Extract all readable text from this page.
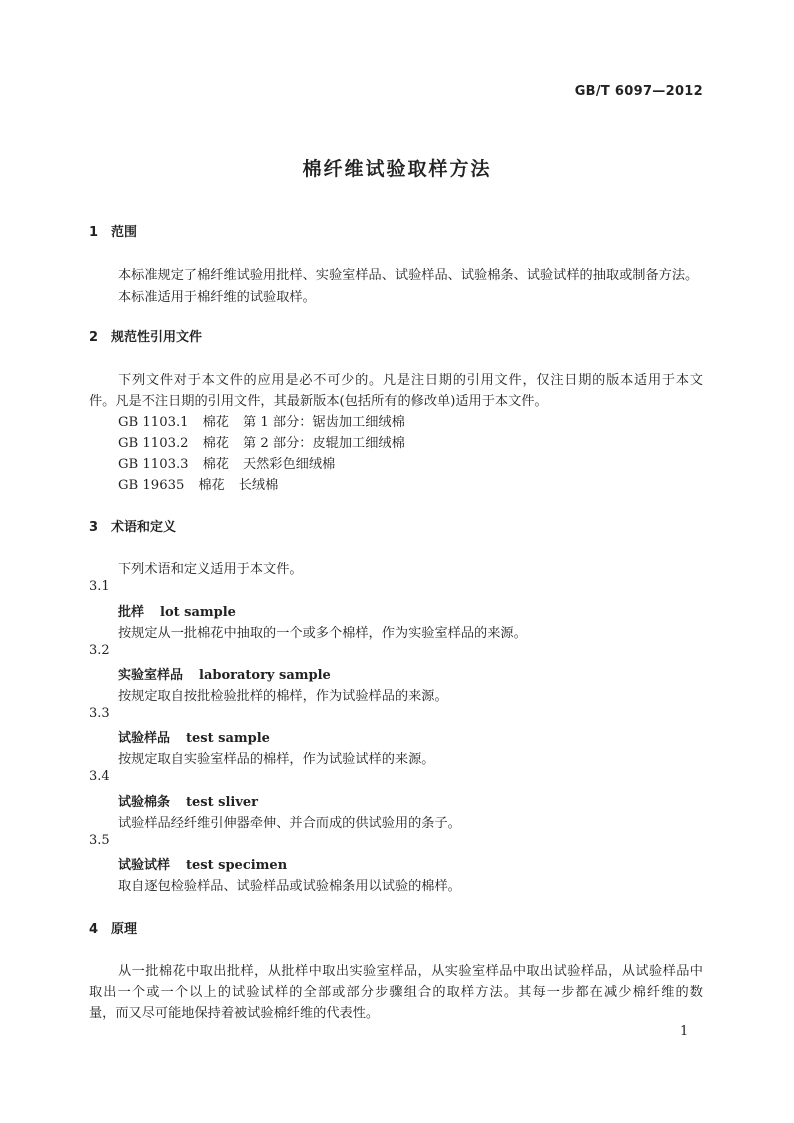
GB/T 6097—2012
棉纤维试验取样方法
1 范围
本标准规定了棉纤维试验用批样、实验室样品、试验样品、试验棉条、试验试样的抽取或制备方法。
本标准适用于棉纤维的试验取样。
2 规范性引用文件
下列文件对于本文件的应用是必不可少的。凡是注日期的引用文件，仅注日期的版本适用于本文
件。凡是不注日期的引用文件，其最新版本(包括所有的修改单)适用于本文件。
GB 1103.1 棉花 第 1 部分：锯齿加工细绒棉
GB 1103.2 棉花 第 2 部分：皮辊加工细绒棉
GB 1103.3 棉花 天然彩色细绒棉
GB 19635 棉花 长绒棉
3 术语和定义
下列术语和定义适用于本文件。
3.1
批样 lot sample
按规定从一批棉花中抽取的一个或多个棉样，作为实验室样品的来源。
3.2
实验室样品 laboratory sample
按规定取自按批检验批样的棉样，作为试验样品的来源。
3.3
试验样品 test sample
按规定取自实验室样品的棉样，作为试验试样的来源。
3.4
试验棉条 test sliver
试验样品经纤维引伸器牵伸、并合而成的供试验用的条子。
3.5
试验试样 test specimen
取自逐包检验样品、试验样品或试验棉条用以试验的棉样。
4 原理
从一批棉花中取出批样，从批样中取出实验室样品，从实验室样品中取出试验样品，从试验样品中
取出一个或一个以上的试验试样的全部或部分步骤组合的取样方法。其每一步都在减少棉纤维的数
量，而又尽可能地保持着被试验棉纤维的代表性。
1
